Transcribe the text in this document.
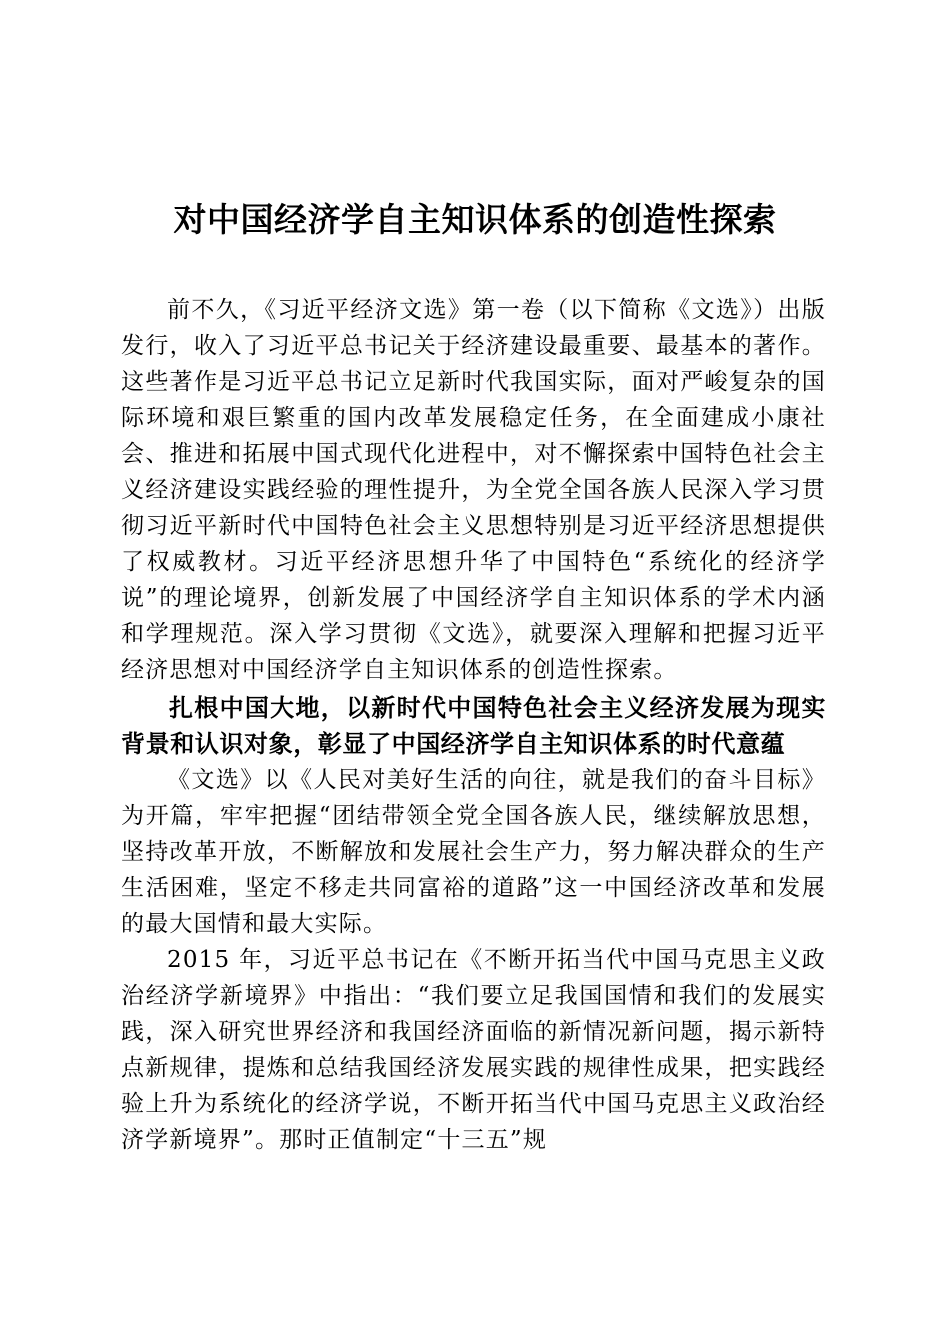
对中国经济学自主知识体系的创造性探索

前不久，《习近平经济文选》第一卷（以下简称《文选》）出版发行，收入了习近平总书记关于经济建设最重要、最基本的著作。这些著作是习近平总书记立足新时代我国实际，面对严峻复杂的国际环境和艰巨繁重的国内改革发展稳定任务，在全面建成小康社会、推进和拓展中国式现代化进程中，对不懈探索中国特色社会主义经济建设实践经验的理性提升，为全党全国各族人民深入学习贯彻习近平新时代中国特色社会主义思想特别是习近平经济思想提供了权威教材。习近平经济思想升华了中国特色“系统化的经济学说”的理论境界，创新发展了中国经济学自主知识体系的学术内涵和学理规范。深入学习贯彻《文选》，就要深入理解和把握习近平经济思想对中国经济学自主知识体系的创造性探索。

扎根中国大地，以新时代中国特色社会主义经济发展为现实背景和认识对象，彰显了中国经济学自主知识体系的时代意蕴

《文选》以《人民对美好生活的向往，就是我们的奋斗目标》为开篇，牢牢把握“团结带领全党全国各族人民，继续解放思想，坚持改革开放，不断解放和发展社会生产力，努力解决群众的生产生活困难，坚定不移走共同富裕的道路”这一中国经济改革和发展的最大国情和最大实际。

2015 年，习近平总书记在《不断开拓当代中国马克思主义政治经济学新境界》中指出：“我们要立足我国国情和我们的发展实践，深入研究世界经济和我国经济面临的新情况新问题，揭示新特点新规律，提炼和总结我国经济发展实践的规律性成果，把实践经验上升为系统化的经济学说，不断开拓当代中国马克思主义政治经济学新境界”。那时正值制定“十三五”规
